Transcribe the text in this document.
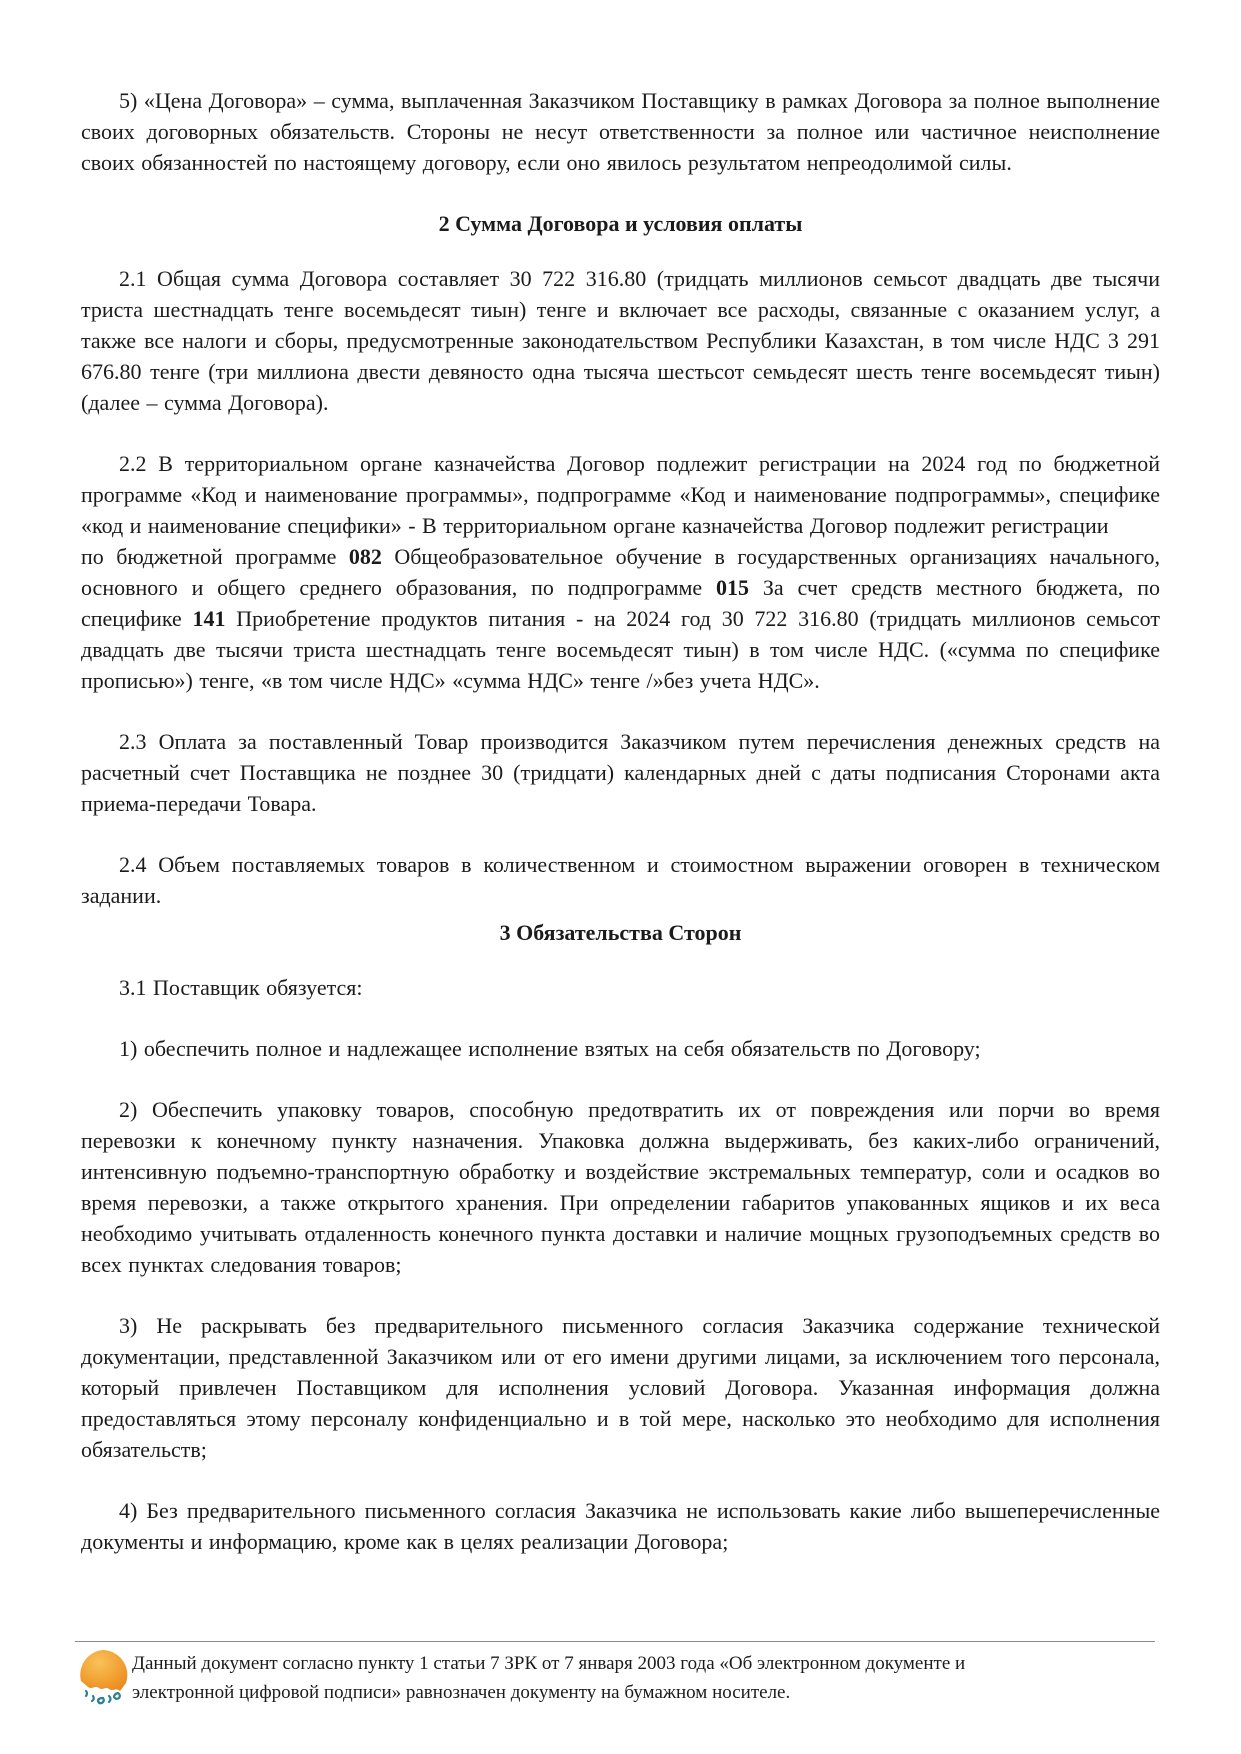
5) «Цена Договора» – сумма, выплаченная Заказчиком Поставщику в рамках Договора за полное выполнение своих договорных обязательств. Стороны не несут ответственности за полное или частичное неисполнение своих обязанностей по настоящему договору, если оно явилось результатом непреодолимой силы.

2 Сумма Договора и условия оплаты

2.1 Общая сумма Договора составляет 30 722 316.80 (тридцать миллионов семьсот двадцать две тысячи триста шестнадцать тенге восемьдесят тиын) тенге и включает все расходы, связанные с оказанием услуг, а также все налоги и сборы, предусмотренные законодательством Республики Казахстан, в том числе НДС 3 291 676.80 тенге (три миллиона двести девяносто одна тысяча шестьсот семьдесят шесть тенге восемьдесят тиын) (далее – сумма Договора).

2.2 В территориальном органе казначейства Договор подлежит регистрации на 2024 год по бюджетной программе «Код и наименование программы», подпрограмме «Код и наименование подпрограммы», специфике «код и наименование специфики» - В территориальном органе казначейства Договор подлежит регистрации
по бюджетной программе 082 Общеобразовательное обучение в государственных организациях начального, основного и общего среднего образования, по подпрограмме 015 За счет средств местного бюджета, по специфике 141 Приобретение продуктов питания - на 2024 год 30 722 316.80 (тридцать миллионов семьсот двадцать две тысячи триста шестнадцать тенге восемьдесят тиын) в том числе НДС. («сумма по специфике прописью») тенге, «в том числе НДС» «сумма НДС» тенге /»без учета НДС».

2.3 Оплата за поставленный Товар производится Заказчиком путем перечисления денежных средств на расчетный счет Поставщика не позднее 30 (тридцати) календарных дней с даты подписания Сторонами акта приема-передачи Товара.

2.4 Объем поставляемых товаров в количественном и стоимостном выражении оговорен в техническом задании.

3 Обязательства Сторон

3.1 Поставщик обязуется:

1) обеспечить полное и надлежащее исполнение взятых на себя обязательств по Договору;

2) Обеспечить упаковку товаров, способную предотвратить их от повреждения или порчи во время перевозки к конечному пункту назначения. Упаковка должна выдерживать, без каких-либо ограничений, интенсивную подъемно-транспортную обработку и воздействие экстремальных температур, соли и осадков во время перевозки, а также открытого хранения. При определении габаритов упакованных ящиков и их веса необходимо учитывать отдаленность конечного пункта доставки и наличие мощных грузоподъемных средств во всех пунктах следования товаров;

3) Не раскрывать без предварительного письменного согласия Заказчика содержание технической документации, представленной Заказчиком или от его имени другими лицами, за исключением того персонала, который привлечен Поставщиком для исполнения условий Договора. Указанная информация должна предоставляться этому персоналу конфиденциально и в той мере, насколько это необходимо для исполнения обязательств;

4) Без предварительного письменного согласия Заказчика не использовать какие либо вышеперечисленные документы и информацию, кроме как в целях реализации Договора;

Данный документ согласно пункту 1 статьи 7 ЗРК от 7 января 2003 года «Об электронном документе и электронной цифровой подписи» равнозначен документу на бумажном носителе.
